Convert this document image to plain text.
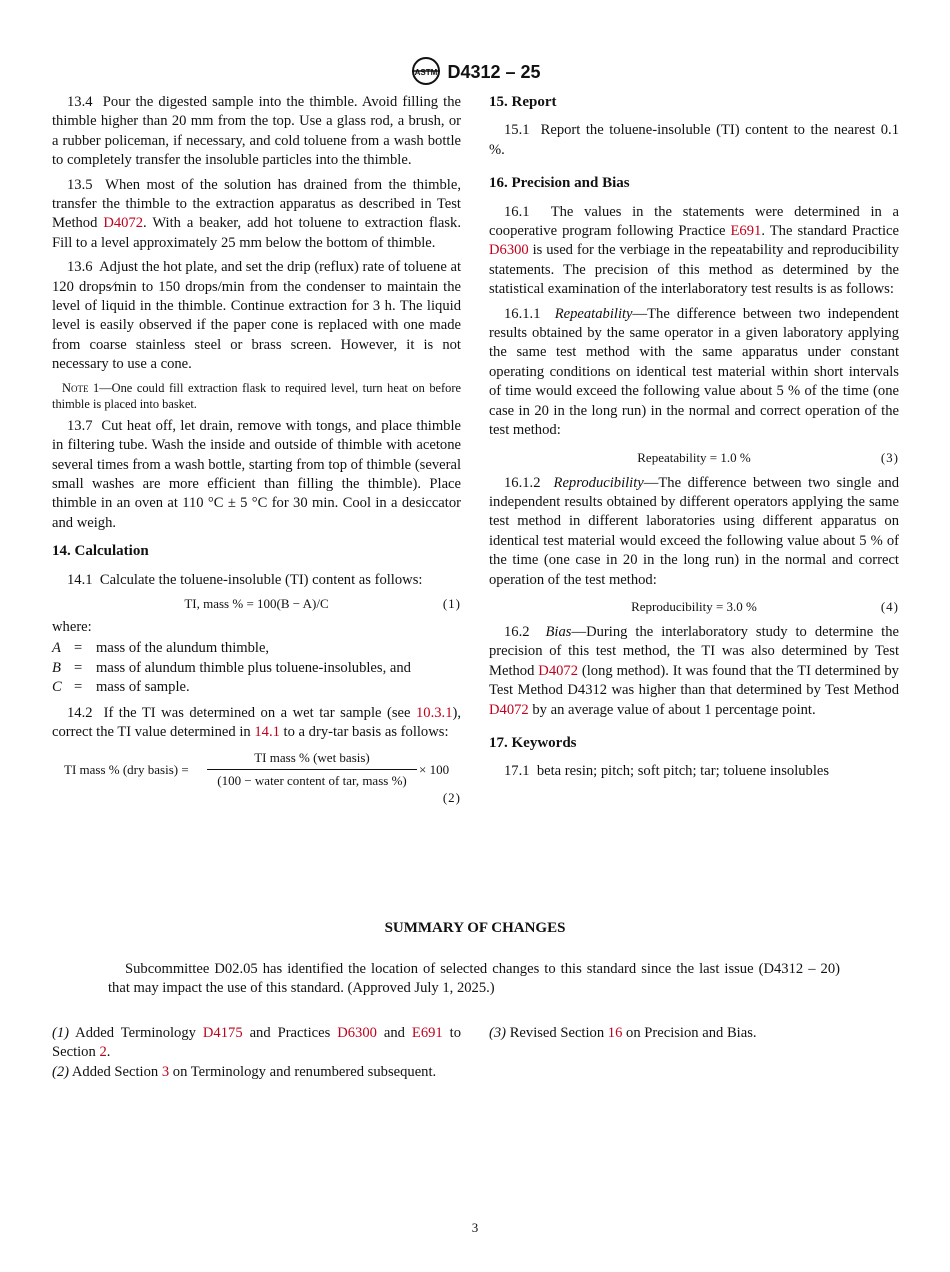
ASTM D4312 – 25

13.4 Pour the digested sample into the thimble. Avoid filling the thimble higher than 20 mm from the top. Use a glass rod, a brush, or a rubber policeman, if necessary, and cold toluene from a wash bottle to completely transfer the insoluble particles into the thimble.

13.5 When most of the solution has drained from the thimble, transfer the thimble to the extraction apparatus as described in Test Method D4072. With a beaker, add hot toluene to extraction flask. Fill to a level approximately 25 mm below the bottom of thimble.

13.6 Adjust the hot plate, and set the drip (reflux) rate of toluene at 120 drops∕min to 150 drops/min from the condenser to maintain the level of liquid in the thimble. Continue extraction for 3 h. The liquid level is easily observed if the paper cone is replaced with one made from coarse stainless steel or brass screen. However, it is not necessary to use a cone.

Note 1—One could fill extraction flask to required level, turn heat on before thimble is placed into basket.

13.7 Cut heat off, let drain, remove with tongs, and place thimble in filtering tube. Wash the inside and outside of thimble with acetone several times from a wash bottle, starting from top of thimble (several small washes are more efficient than filling the thimble). Place thimble in an oven at 110 °C ± 5 °C for 30 min. Cool in a desiccator and weigh.

14. Calculation

14.1 Calculate the toluene-insoluble (TI) content as follows:

TI, mass % = 100(B − A)/C	(1)
where:
A = mass of the alundum thimble,
B = mass of alundum thimble plus toluene-insolubles, and
C = mass of sample.

14.2 If the TI was determined on a wet tar sample (see 10.3.1), correct the TI value determined in 14.1 to a dry-tar basis as follows:

TI mass % (dry basis) =
TI mass % (wet basis)
(100 − water content of tar, mass %)
× 100
(2)
15. Report

15.1 Report the toluene-insoluble (TI) content to the nearest 0.1 %.

16. Precision and Bias

16.1 The values in the statements were determined in a cooperative program following Practice E691. The standard Practice D6300 is used for the verbiage in the repeatability and reproducibility statements. The precision of this method as determined by the statistical examination of the interlaboratory test results is as follows:

16.1.1 Repeatability—The difference between two independent results obtained by the same operator in a given laboratory applying the same test method with the same apparatus under constant operating conditions on identical test material within short intervals of time would exceed the following value about 5 % of the time (one case in 20 in the long run) in the normal and correct operation of the test method:

Repeatability = 1.0 %	(3)

16.1.2 Reproducibility—The difference between two single and independent results obtained by different operators applying the same test method in different laboratories using different apparatus on identical test material would exceed the following value about 5 % of the time (one case in 20 in the long run) in the normal and correct operation of the test method:

Reproducibility = 3.0 %	(4)

16.2 Bias—During the interlaboratory study to determine the precision of this test method, the TI was also determined by Test Method D4072 (long method). It was found that the TI determined by Test Method D4312 was higher than that determined by Test Method D4072 by an average value of about 1 percentage point.

17. Keywords

17.1 beta resin; pitch; soft pitch; tar; toluene insolubles

SUMMARY OF CHANGES
Subcommittee D02.05 has identified the location of selected changes to this standard since the last issue (D4312 – 20) that may impact the use of this standard. (Approved July 1, 2025.)
(1) Added Terminology D4175 and Practices D6300 and E691 to Section 2.
(2) Added Section 3 on Terminology and renumbered subsequent.
(3) Revised Section 16 on Precision and Bias.
3
